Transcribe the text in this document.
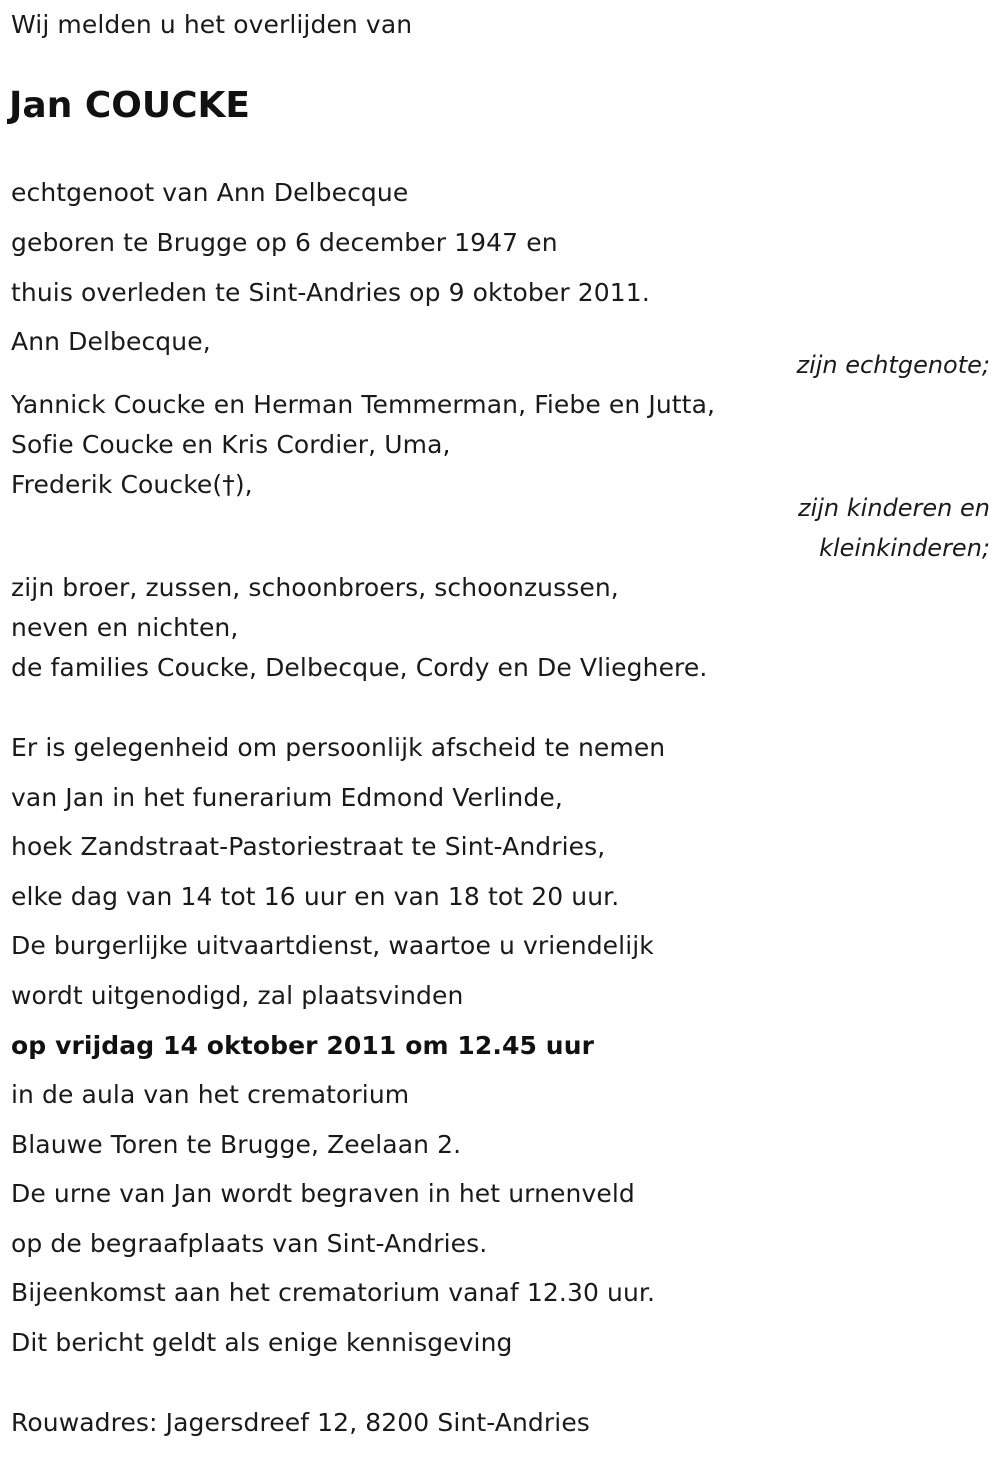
Wij melden u het overlijden van
Jan COUCKE
echtgenoot van Ann Delbecque
geboren te Brugge op 6 december 1947 en
thuis overleden te Sint-Andries op 9 oktober 2011.
Ann Delbecque,
zijn echtgenote;
Yannick Coucke en Herman Temmerman, Fiebe en Jutta,
Sofie Coucke en Kris Cordier, Uma,
Frederik Coucke(†),
zijn kinderen en
kleinkinderen;
zijn broer, zussen, schoonbroers, schoonzussen,
neven en nichten,
de families Coucke, Delbecque, Cordy en De Vlieghere.
Er is gelegenheid om persoonlijk afscheid te nemen
van Jan in het funerarium Edmond Verlinde,
hoek Zandstraat-Pastoriestraat te Sint-Andries,
elke dag van 14 tot 16 uur en van 18 tot 20 uur.
De burgerlijke uitvaartdienst, waartoe u vriendelijk
wordt uitgenodigd, zal plaatsvinden
op vrijdag 14 oktober 2011 om 12.45 uur
in de aula van het crematorium
Blauwe Toren te Brugge, Zeelaan 2.
De urne van Jan wordt begraven in het urnenveld
op de begraafplaats van Sint-Andries.
Bijeenkomst aan het crematorium vanaf 12.30 uur.
Dit bericht geldt als enige kennisgeving
Rouwadres: Jagersdreef 12, 8200 Sint-Andries
